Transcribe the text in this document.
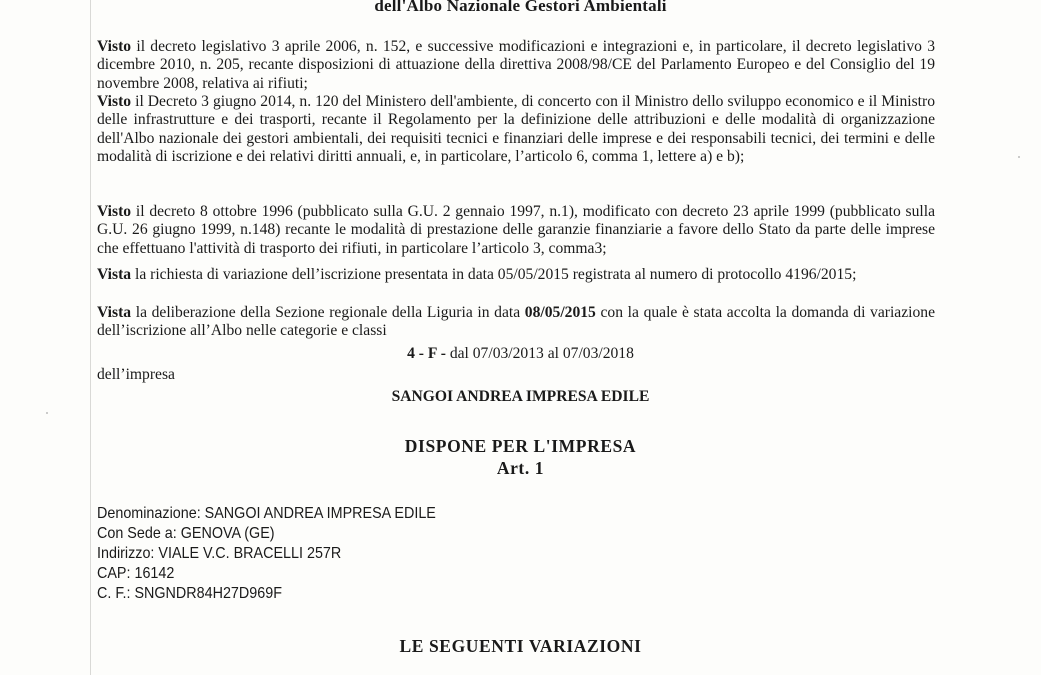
dell'Albo Nazionale Gestori Ambientali
Visto il decreto legislativo 3 aprile 2006, n. 152, e successive modificazioni e integrazioni e, in particolare, il decreto legislativo 3 dicembre 2010, n. 205, recante disposizioni di attuazione della direttiva 2008/98/CE del Parlamento Europeo e del Consiglio del 19 novembre 2008, relativa ai rifiuti;
Visto il Decreto 3 giugno 2014, n. 120 del Ministero dell'ambiente, di concerto con il Ministro dello sviluppo economico e il Ministro delle infrastrutture e dei trasporti, recante il Regolamento per la definizione delle attribuzioni e delle modalità di organizzazione dell'Albo nazionale dei gestori ambientali, dei requisiti tecnici e finanziari delle imprese e dei responsabili tecnici, dei termini e delle modalità di iscrizione e dei relativi diritti annuali, e, in particolare, l’articolo 6, comma 1, lettere a) e b);
Visto il decreto 8 ottobre 1996 (pubblicato sulla G.U. 2 gennaio 1997, n.1), modificato con decreto 23 aprile 1999 (pubblicato sulla G.U. 26 giugno 1999, n.148) recante le modalità di prestazione delle garanzie finanziarie a favore dello Stato da parte delle imprese che effettuano l'attività di trasporto dei rifiuti, in particolare l’articolo 3, comma3;
Vista la richiesta di variazione dell’iscrizione presentata in data 05/05/2015 registrata al numero di protocollo 4196/2015;
Vista la deliberazione della Sezione regionale della Liguria in data 08/05/2015 con la quale è stata accolta la domanda di variazione dell’iscrizione all’Albo nelle categorie e classi
4 - F - dal 07/03/2013 al 07/03/2018
dell’impresa
SANGOI ANDREA IMPRESA EDILE
DISPONE PER L'IMPRESA
Art. 1
Denominazione: SANGOI ANDREA IMPRESA EDILE
Con Sede a: GENOVA (GE)
Indirizzo: VIALE V.C. BRACELLI 257R
CAP: 16142
C. F.: SNGNDR84H27D969F
LE SEGUENTI VARIAZIONI
